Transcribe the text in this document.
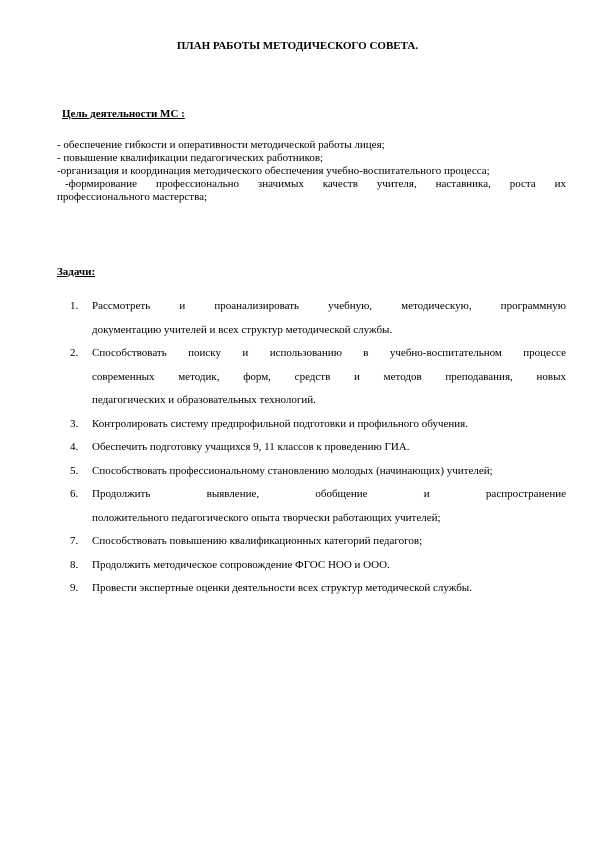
ПЛАН РАБОТЫ МЕТОДИЧЕСКОГО СОВЕТА.
Цель деятельности МС :
- обеспечение гибкости и оперативности методической работы лицея;
- повышение квалификации педагогических работников;
-организация и координация методического обеспечения учебно-воспитательного процесса;
-формирование профессионально значимых качеств учителя, наставника, роста их
профессионального мастерства;
Задачи:
1.	Рассмотреть и проанализировать учебную, методическую, программную
документацию учителей и всех структур методической службы.
2.	Способствовать поиску и использованию в учебно-воспитательном процессе
современных методик, форм, средств и методов преподавания, новых
педагогических и образовательных технологий.
3.	Контролировать систему предпрофильной подготовки и профильного обучения.
4.	Обеспечить подготовку учащихся 9, 11 классов к проведению ГИА.
5.	Способствовать профессиональному становлению молодых (начинающих) учителей;
6.	Продолжить выявление, обобщение и распространение
положительного педагогического опыта творчески работающих учителей;
7.	Способствовать повышению квалификационных категорий педагогов;
8.	Продолжить методическое сопровождение ФГОС НОО и ООО.
9.	Провести экспертные оценки деятельности всех структур методической службы.
